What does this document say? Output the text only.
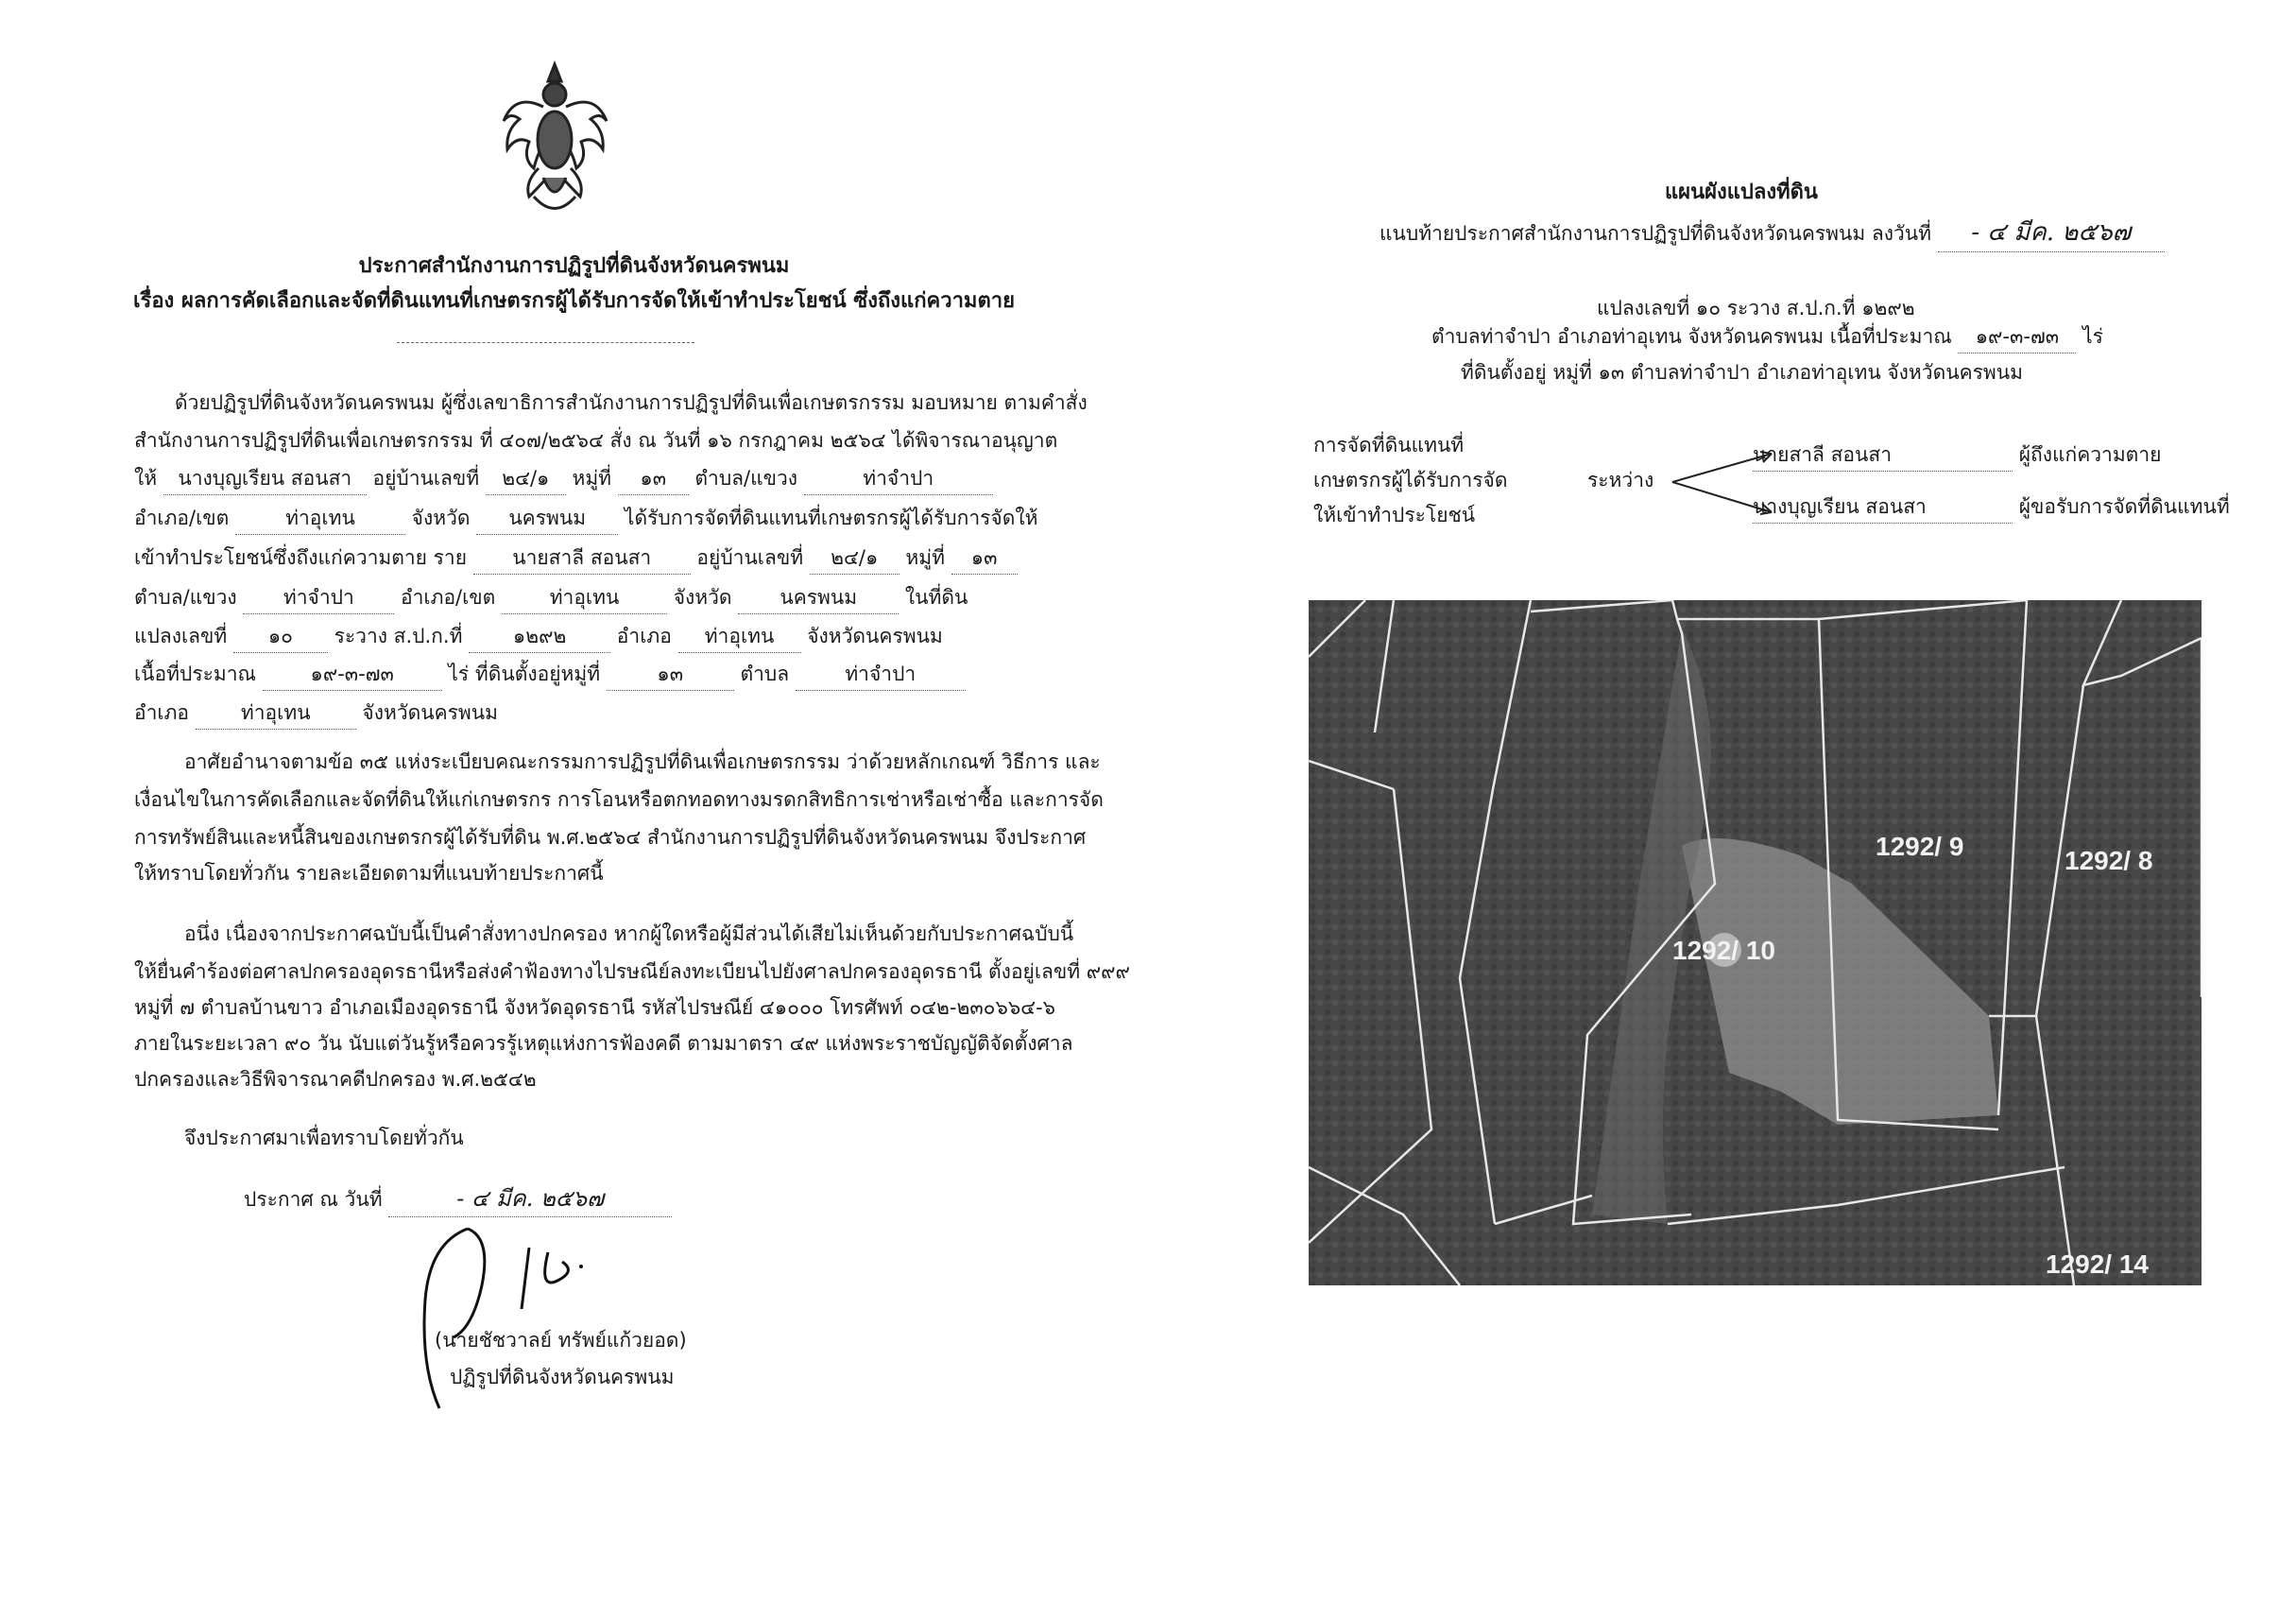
ประกาศสำนักงานการปฏิรูปที่ดินจังหวัดนครพนม
เรื่อง ผลการคัดเลือกและจัดที่ดินแทนที่เกษตรกรผู้ได้รับการจัดให้เข้าทำประโยชน์ ซึ่งถึงแก่ความตาย
ด้วยปฏิรูปที่ดินจังหวัดนครพนม ผู้ซึ่งเลขาธิการสำนักงานการปฏิรูปที่ดินเพื่อเกษตรกรรม มอบหมาย ตามคำสั่ง
สำนักงานการปฏิรูปที่ดินเพื่อเกษตรกรรม ที่ ๔๐๗/๒๕๖๔ สั่ง ณ วันที่ ๑๖ กรกฎาคม ๒๕๖๔ ได้พิจารณาอนุญาต
ให้ นางบุญเรียน สอนสา อยู่บ้านเลขที่ ๒๔/๑ หมู่ที่ ๑๓ ตำบล/แขวง	ท่าจำปา
อำเภอ/เขต	ท่าอุเทน	จังหวัด นครพนม ได้รับการจัดที่ดินแทนที่เกษตรกรผู้ได้รับการจัดให้
เข้าทำประโยชน์ซึ่งถึงแก่ความตาย ราย นายสาลี สอนสา อยู่บ้านเลขที่ ๒๔/๑ หมู่ที่ ๑๓
ตำบล/แขวง ท่าจำปา อำเภอ/เขต	ท่าอุเทน	จังหวัด นครพนม ในที่ดิน
แปลงเลขที่ ๑๐ ระวาง ส.ป.ก.ที่	๑๒๙๒	อำเภอ ท่าอุเทน จังหวัดนครพนม
เนื้อที่ประมาณ	๑๙-๓-๗๓	ไร่ ที่ดินตั้งอยู่หมู่ที่	๑๓	ตำบล	ท่าจำปา
อำเภอ	ท่าอุเทน	จังหวัดนครพนม
อาศัยอำนาจตามข้อ ๓๕ แห่งระเบียบคณะกรรมการปฏิรูปที่ดินเพื่อเกษตรกรรม ว่าด้วยหลักเกณฑ์ วิธีการ และ
เงื่อนไขในการคัดเลือกและจัดที่ดินให้แก่เกษตรกร การโอนหรือตกทอดทางมรดกสิทธิการเช่าหรือเช่าซื้อ และการจัด
การทรัพย์สินและหนี้สินของเกษตรกรผู้ได้รับที่ดิน พ.ศ.๒๕๖๔ สำนักงานการปฏิรูปที่ดินจังหวัดนครพนม จึงประกาศ
ให้ทราบโดยทั่วกัน รายละเอียดตามที่แนบท้ายประกาศนี้
อนึ่ง เนื่องจากประกาศฉบับนี้เป็นคำสั่งทางปกครอง หากผู้ใดหรือผู้มีส่วนได้เสียไม่เห็นด้วยกับประกาศฉบับนี้
ให้ยื่นคำร้องต่อศาลปกครองอุดรธานีหรือส่งคำฟ้องทางไปรษณีย์ลงทะเบียนไปยังศาลปกครองอุดรธานี ตั้งอยู่เลขที่ ๙๙๙
หมู่ที่ ๗ ตำบลบ้านขาว อำเภอเมืองอุดรธานี จังหวัดอุดรธานี รหัสไปรษณีย์ ๔๑๐๐๐ โทรศัพท์ ๐๔๒-๒๓๐๖๖๔-๖
ภายในระยะเวลา ๙๐ วัน นับแต่วันรู้หรือควรรู้เหตุแห่งการฟ้องคดี ตามมาตรา ๔๙ แห่งพระราชบัญญัติจัดตั้งศาล
ปกครองและวิธีพิจารณาคดีปกครอง พ.ศ.๒๕๔๒
จึงประกาศมาเพื่อทราบโดยทั่วกัน
ประกาศ ณ วันที่	- ๔ มีค. ๒๕๖๗
(นายชัชวาลย์ ทรัพย์แก้วยอด)
ปฏิรูปที่ดินจังหวัดนครพนม
แผนผังแปลงที่ดิน
แนบท้ายประกาศสำนักงานการปฏิรูปที่ดินจังหวัดนครพนม ลงวันที่ - ๔ มีค. ๒๕๖๗
แปลงเลขที่ ๑๐ ระวาง ส.ป.ก.ที่ ๑๒๙๒
ตำบลท่าจำปา อำเภอท่าอุเทน จังหวัดนครพนม เนื้อที่ประมาณ ๑๙-๓-๗๓ ไร่
ที่ดินตั้งอยู่ หมู่ที่ ๑๓ ตำบลท่าจำปา อำเภอท่าอุเทน จังหวัดนครพนม
การจัดที่ดินแทนที่
เกษตรกรผู้ได้รับการจัด
ให้เข้าทำประโยชน์
ระหว่าง
นายสาลี สอนสา	ผู้ถึงแก่ความตาย
นางบุญเรียน สอนสา	ผู้ขอรับการจัดที่ดินแทนที่
1292/ 9	1292/ 8
1292/ 10
1292/ 14
